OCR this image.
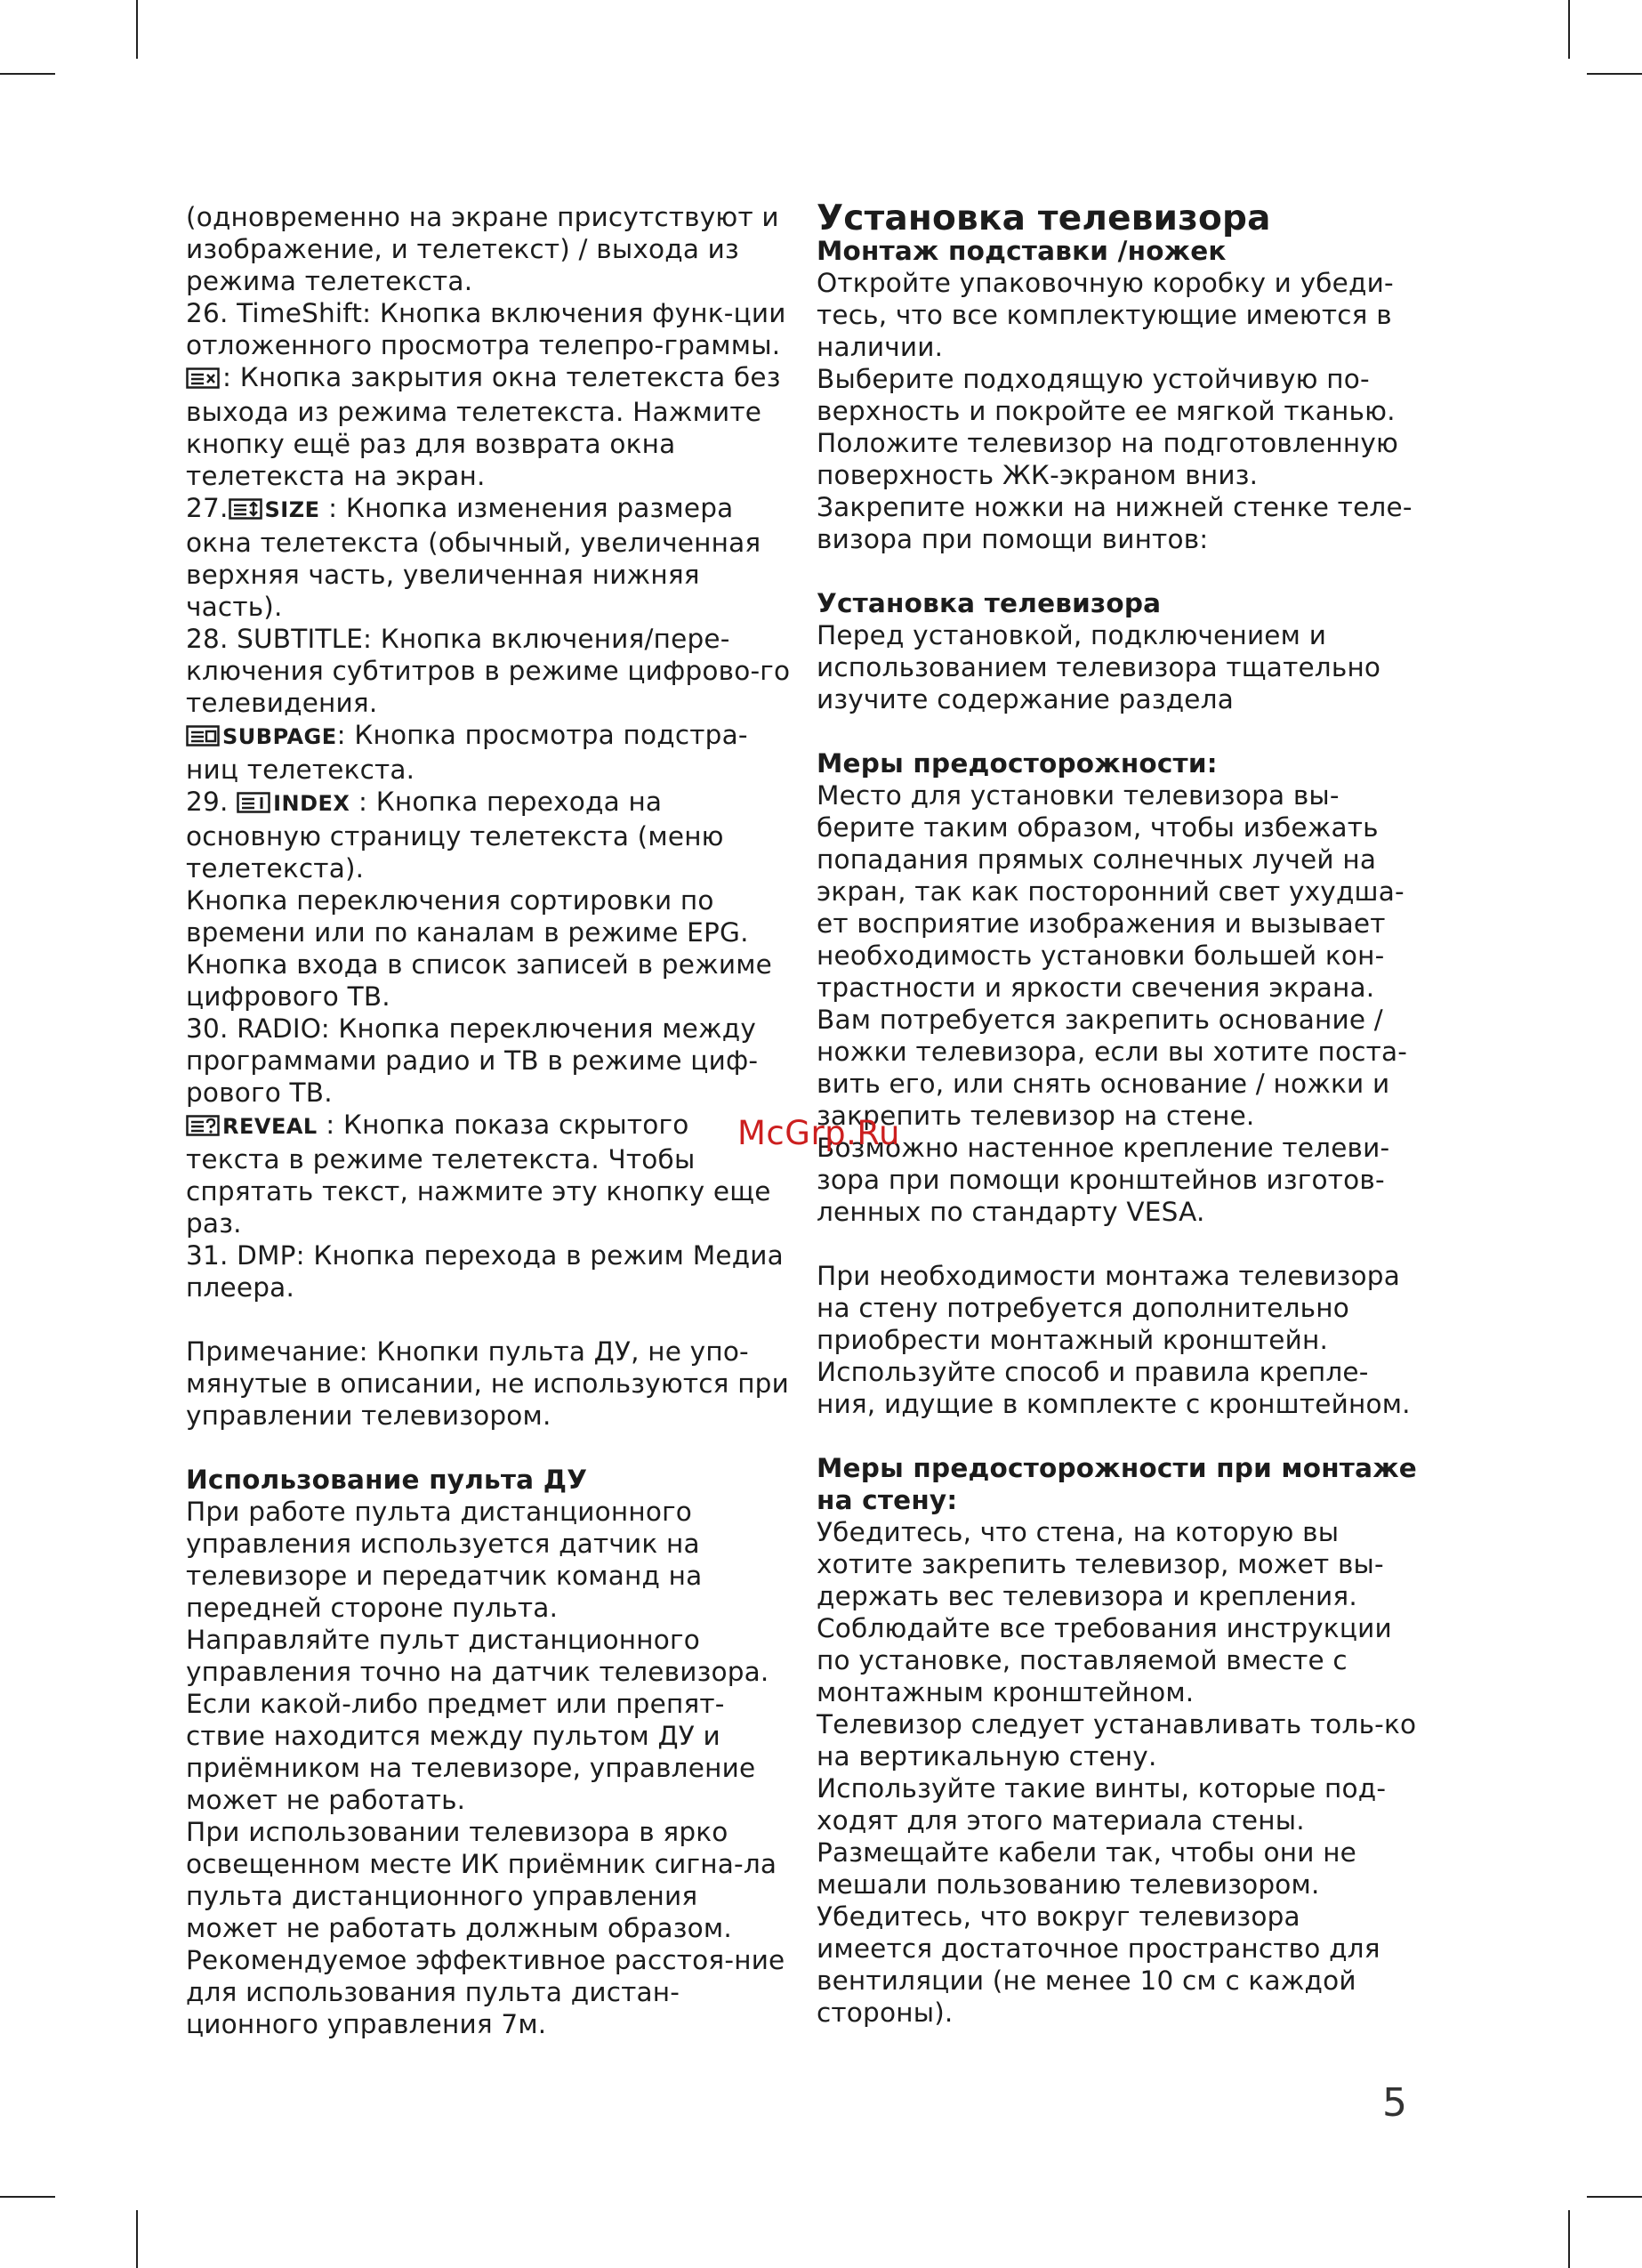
(одновременно на экране присутствуют и изображение, и телетекст) / выхода из режима телетекста.

26. TimeShift: Кнопка включения функ-ции отложенного просмотра телепро-граммы.

: Кнопка закрытия окна телетекста без выхода из режима телетекста. Нажмите кнопку ещё раз для возврата окна телетекста на экран.

27. SIZE : Кнопка изменения размера окна телетекста (обычный, увеличенная верхняя часть, увеличенная нижняя часть).

28. SUBTITLE: Кнопка включения/пере-ключения субтитров в режиме цифрово-го телевидения.

SUBPAGE: Кнопка просмотра подстра-ниц телетекста.

29. INDEX : Кнопка перехода на основную страницу телетекста (меню телетекста).

Кнопка переключения сортировки по времени или по каналам в режиме EPG.

Кнопка входа в список записей в режиме цифрового ТВ.

30. RADIO: Кнопка переключения между программами радио и ТВ в режиме циф-рового ТВ.

REVEAL : Кнопка показа скрытого текста в режиме телетекста. Чтобы спрятать текст, нажмите эту кнопку еще раз.

31. DMP: Кнопка перехода в режим Медиа плеера.

Примечание: Кнопки пульта ДУ, не упо-мянутые в описании, не используются при управлении телевизором.

Использование пульта ДУ

При работе пульта дистанционного управления используется датчик на телевизоре и передатчик команд на передней стороне пульта.

Направляйте пульт дистанционного управления точно на датчик телевизора.

Если какой-либо предмет или препят-ствие находится между пультом ДУ и приёмником на телевизоре, управление может не работать.

При использовании телевизора в ярко освещенном месте ИК приёмник сигна-ла пульта дистанционного управления может не работать должным образом.

Рекомендуемое эффективное расстоя-ние для использования пульта дистан-ционного управления 7м.

Установка телевизора

Монтаж подставки /ножек

Откройте упаковочную коробку и убеди-тесь, что все комплектующие имеются в наличии.

Выберите подходящую устойчивую по-верхность и покройте ее мягкой тканью.

Положите телевизор на подготовленную поверхность ЖК-экраном вниз.

Закрепите ножки на нижней стенке теле-визора при помощи винтов:

Установка телевизора

Перед установкой, подключением и использованием телевизора тщательно изучите содержание раздела

Меры предосторожности:

Место для установки телевизора вы-берите таким образом, чтобы избежать попадания прямых солнечных лучей на экран, так как посторонний свет ухудша-ет восприятие изображения и вызывает необходимость установки большей кон-трастности и яркости свечения экрана.

Вам потребуется закрепить основание / ножки телевизора, если вы хотите поста-вить его, или снять основание / ножки и закрепить телевизор на стене.

Возможно настенное крепление телеви-зора при помощи кронштейнов изготов-ленных по стандарту VESA.

При необходимости монтажа телевизора на стену потребуется дополнительно приобрести монтажный кронштейн.

Используйте способ и правила крепле-ния, идущие в комплекте с кронштейном.

Меры предосторожности при монтаже на стену:

Убедитесь, что стена, на которую вы хотите закрепить телевизор, может вы-держать вес телевизора и крепления.

Соблюдайте все требования инструкции по установке, поставляемой вместе с монтажным кронштейном.

Телевизор следует устанавливать толь-ко на вертикальную стену.

Используйте такие винты, которые под-ходят для этого материала стены.

Размещайте кабели так, чтобы они не мешали пользованию телевизором.

Убедитесь, что вокруг телевизора имеется достаточное пространство для вентиляции (не менее 10 см с каждой стороны).

McGrp.Ru
5
